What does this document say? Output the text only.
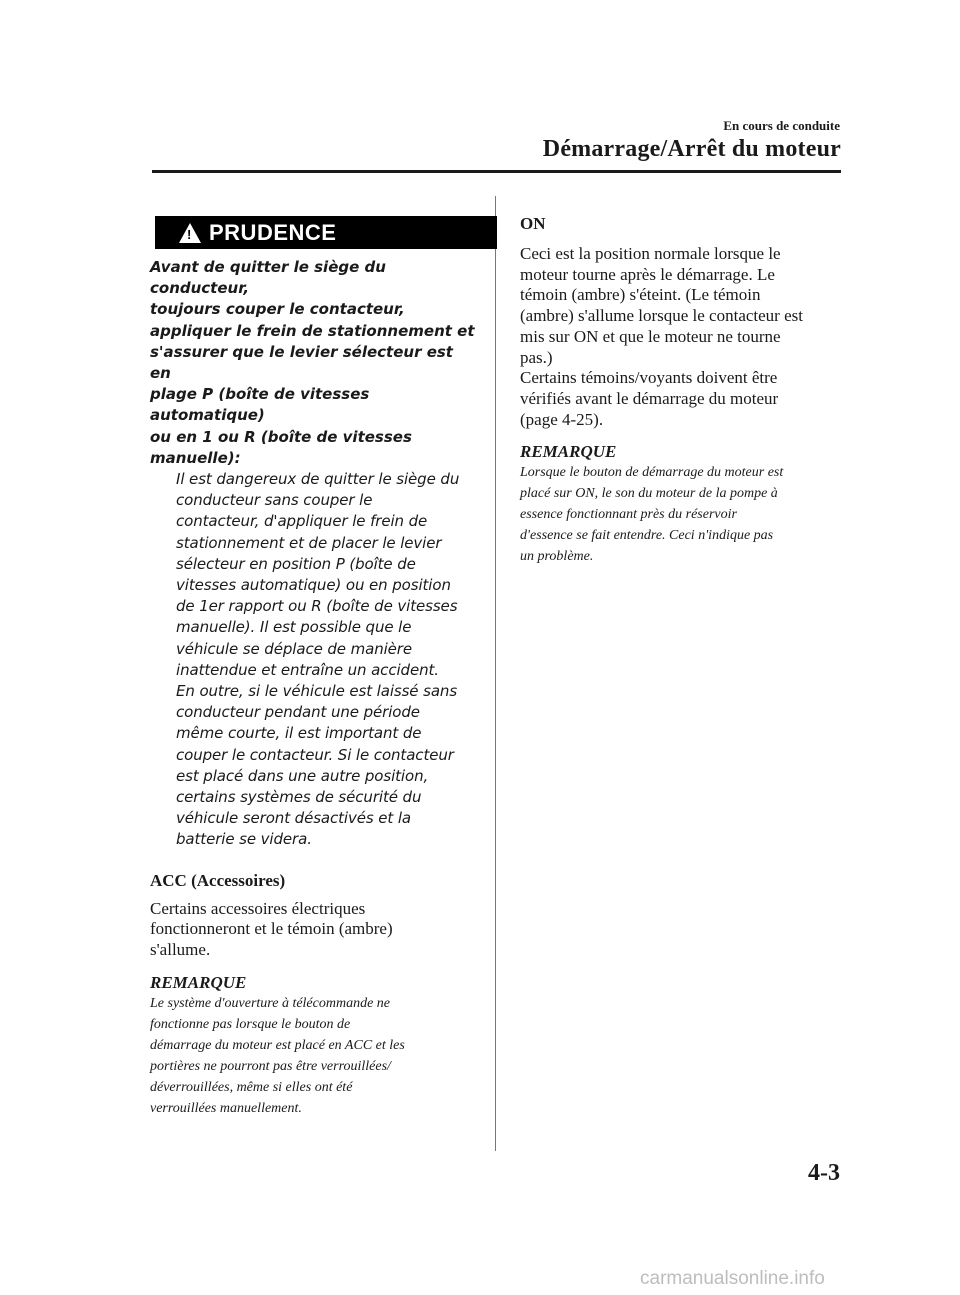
En cours de conduite
Démarrage/Arrêt du moteur
! PRUDENCE
Avant de quitter le siège du conducteur,
toujours couper le contacteur,
appliquer le frein de stationnement et
s'assurer que le levier sélecteur est en
plage P (boîte de vitesses automatique)
ou en 1 ou R (boîte de vitesses
manuelle):
Il est dangereux de quitter le siège du
conducteur sans couper le
contacteur, d'appliquer le frein de
stationnement et de placer le levier
sélecteur en position P (boîte de
vitesses automatique) ou en position
de 1er rapport ou R (boîte de vitesses
manuelle). Il est possible que le
véhicule se déplace de manière
inattendue et entraîne un accident.
En outre, si le véhicule est laissé sans
conducteur pendant une période
même courte, il est important de
couper le contacteur. Si le contacteur
est placé dans une autre position,
certains systèmes de sécurité du
véhicule seront désactivés et la
batterie se videra.
ACC (Accessoires)
Certains accessoires électriques
fonctionneront et le témoin (ambre)
s'allume.
REMARQUE
Le système d'ouverture à télécommande ne
fonctionne pas lorsque le bouton de
démarrage du moteur est placé en ACC et les
portières ne pourront pas être verrouillées/
déverrouillées, même si elles ont été
verrouillées manuellement.
ON
Ceci est la position normale lorsque le
moteur tourne après le démarrage. Le
témoin (ambre) s'éteint. (Le témoin
(ambre) s'allume lorsque le contacteur est
mis sur ON et que le moteur ne tourne
pas.)
Certains témoins/voyants doivent être
vérifiés avant le démarrage du moteur
(page 4-25).
REMARQUE
Lorsque le bouton de démarrage du moteur est
placé sur ON, le son du moteur de la pompe à
essence fonctionnant près du réservoir
d'essence se fait entendre. Ceci n'indique pas
un problème.
4-3
carmanualsonline.info
